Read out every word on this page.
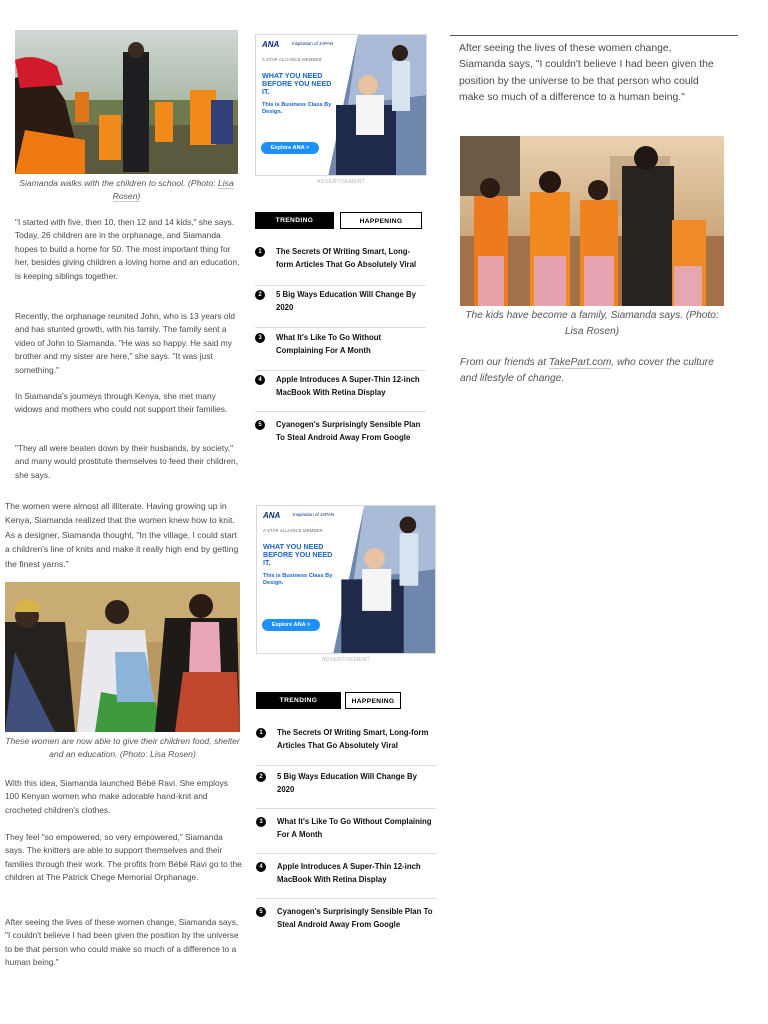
Siamanda walks with the children to school. (Photo: Lisa Rosen)
"I started with five, then 10, then 12 and 14 kids," she says. Today, 26 children are in the orphanage, and Siamanda hopes to build a home for 50. The most important thing for her, besides giving children a loving home and an education, is keeping siblings together.
Recently, the orphanage reunited John, who is 13 years old and has stunted growth, with his family. The family sent a video of John to Siamanda. "He was so happy. He said my brother and my sister are here," she says. "It was just something."
In Siamanda's journeys through Kenya, she met many widows and mothers who could not support their families.
"They all were beaten down by their husbands, by society," and many would prostitute themselves to feed their children, she says.
The women were almost all illiterate. Having growing up in Kenya, Siamanda realized that the women knew how to knit. As a designer, Siamanda thought, "In the village, I could start a children's line of knits and make it really high end by getting the finest yarns."
These women are now able to give their children food, shelter and an education. (Photo: Lisa Rosen)
With this idea, Siamanda launched Bébé Ravi. She employs 100 Kenyan women who make adorable hand-knit and crocheted children's clothes.
They feel "so empowered, so very empowered," Siamanda says. The knitters are able to support themselves and their families through their work. The profits from Bébé Ravi go to the children at The Patrick Chege Memorial Orphanage.
After seeing the lives of these women change, Siamanda says, "I couldn't believe I had been given the position by the universe to be that person who could make so much of a difference to a human being."
ANA	Inspiration of JAPAN
A STAR ALLIANCE MEMBER
WHAT YOU NEED BEFORE YOU NEED IT.
This is Business Class By Design.
Explore ANA >
ADVERTISEMENT
TRENDING	HAPPENING
1	The Secrets Of Writing Smart, Long-form Articles That Go Absolutely Viral
2	5 Big Ways Education Will Change By 2020
3	What It's Like To Go Without Complaining For A Month
4	Apple Introduces A Super-Thin 12-inch MacBook With Retina Display
5	Cyanogen's Surprisingly Sensible Plan To Steal Android Away From Google
ANA	Inspiration of JAPAN
A STAR ALLIANCE MEMBER
WHAT YOU NEED BEFORE YOU NEED IT.
This is Business Class By Design.
Explore ANA >
ADVERTISEMENT
TRENDING	HAPPENING
1	The Secrets Of Writing Smart, Long-form Articles That Go Absolutely Viral
2	5 Big Ways Education Will Change By 2020
3	What It's Like To Go Without Complaining For A Month
4	Apple Introduces A Super-Thin 12-inch MacBook With Retina Display
5	Cyanogen's Surprisingly Sensible Plan To Steal Android Away From Google
After seeing the lives of these women change, Siamanda says, "I couldn't believe I had been given the position by the universe to be that person who could make so much of a difference to a human being."
The kids have become a family, Siamanda says. (Photo: Lisa Rosen)
From our friends at TakePart.com, who cover the culture and lifestyle of change.
